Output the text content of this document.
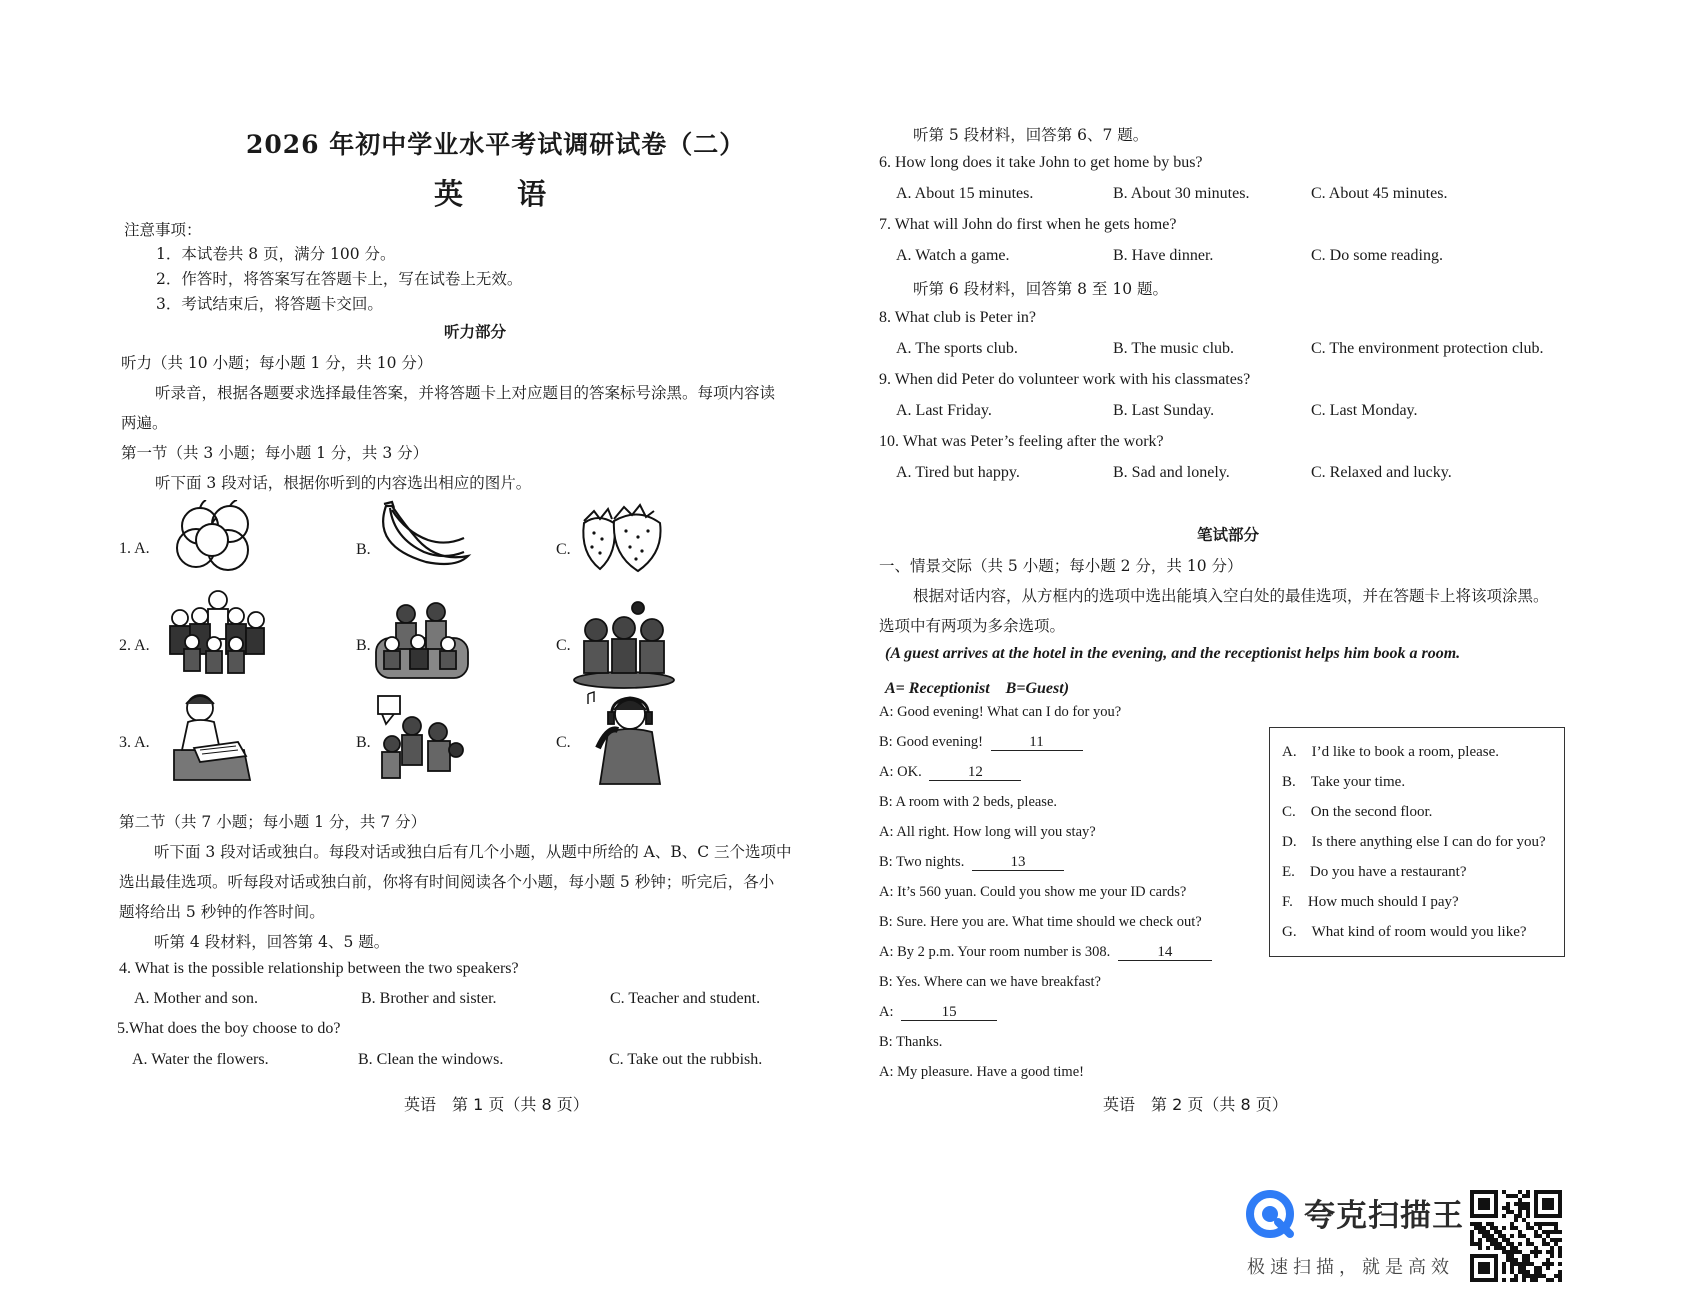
2026 年初中学业水平考试调研试卷（二）
英 语
注意事项：
1．本试卷共 8 页，满分 100 分。
2．作答时，将答案写在答题卡上，写在试卷上无效。
3．考试结束后，将答题卡交回。
听力部分
听力（共 10 小题；每小题 1 分，共 10 分）
听录音，根据各题要求选择最佳答案，并将答题卡上对应题目的答案标号涂黑。每项内容读
两遍。
第一节（共 3 小题；每小题 1 分，共 3 分）
听下面 3 段对话，根据你听到的内容选出相应的图片。
1. A.	B.	C.
2. A.	B.	C.
3. A.	B.	C.
第二节（共 7 小题；每小题 1 分，共 7 分）
听下面 3 段对话或独白。每段对话或独白后有几个小题，从题中所给的 A、B、C 三个选项中
选出最佳选项。听每段对话或独白前，你将有时间阅读各个小题，每小题 5 秒钟；听完后，各小
题将给出 5 秒钟的作答时间。
听第 4 段材料，回答第 4、5 题。
4. What is the possible relationship between the two speakers?
A. Mother and son.	B. Brother and sister.	C. Teacher and student.
5.What does the boy choose to do?
A. Water the flowers.	B. Clean the windows.	C. Take out the rubbish.
英语　第 1 页（共 8 页）
听第 5 段材料，回答第 6、7 题。
6. How long does it take John to get home by bus?
A. About 15 minutes.	B. About 30 minutes.	C. About 45 minutes.
7. What will John do first when he gets home?
A. Watch a game.	B. Have dinner.	C. Do some reading.
听第 6 段材料，回答第 8 至 10 题。
8. What club is Peter in?
A. The sports club.	B. The music club.	C. The environment protection club.
9. When did Peter do volunteer work with his classmates?
A. Last Friday.	B. Last Sunday.	C. Last Monday.
10. What was Peter’s feeling after the work?
A. Tired but happy.	B. Sad and lonely.	C. Relaxed and lucky.
笔试部分
一、情景交际（共 5 小题；每小题 2 分，共 10 分）
根据对话内容，从方框内的选项中选出能填入空白处的最佳选项，并在答题卡上将该项涂黑。
选项中有两项为多余选项。
(A guest arrives at the hotel in the evening, and the receptionist helps him book a room.
A= Receptionist　B=Guest)
A: Good evening! What can I do for you?
B: Good evening!	11
A: OK.	12
B: A room with 2 beds, please.
A: All right. How long will you stay?
B: Two nights.	13
A: It’s 560 yuan. Could you show me your ID cards?
B: Sure. Here you are. What time should we check out?
A: By 2 p.m. Your room number is 308.	14
B: Yes. Where can we have breakfast?
A:	15
B: Thanks.
A: My pleasure. Have a good time!
A.　I’d like to book a room, please.
B.　Take your time.
C.　On the second floor.
D.　Is there anything else I can do for you?
E.　Do you have a restaurant?
F.　How much should I pay?
G.　What kind of room would you like?
英语　第 2 页（共 8 页）
夸克扫描王
极速扫描，就是高效
